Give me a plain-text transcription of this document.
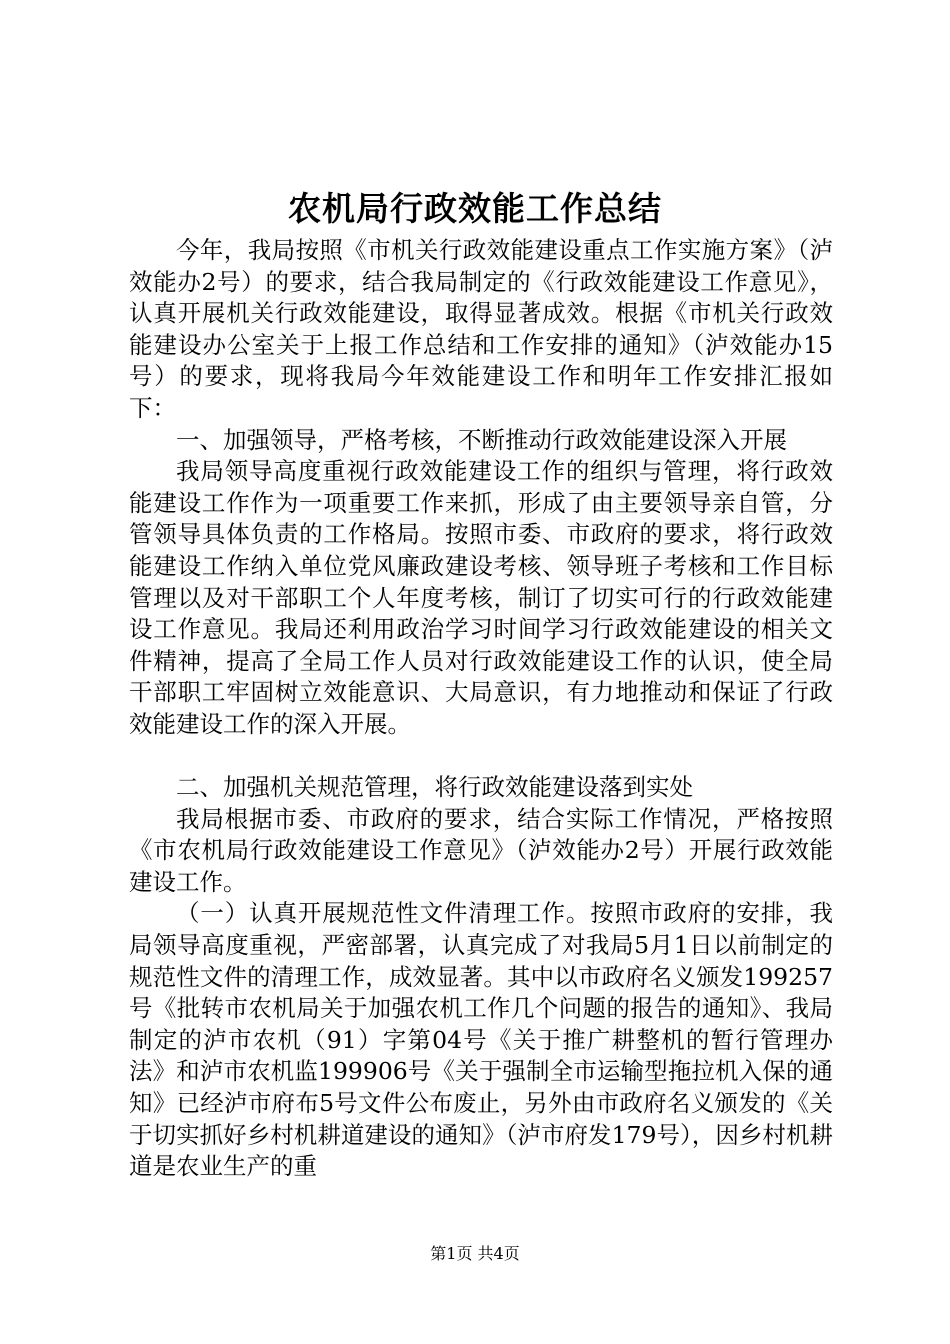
农机局行政效能工作总结

今年，我局按照《市机关行政效能建设重点工作实施方案》（泸效能办2号）的要求，结合我局制定的《行政效能建设工作意见》，认真开展机关行政效能建设，取得显著成效。根据《市机关行政效能建设办公室关于上报工作总结和工作安排的通知》（泸效能办15号）的要求，现将我局今年效能建设工作和明年工作安排汇报如下：

一、加强领导，严格考核，不断推动行政效能建设深入开展

我局领导高度重视行政效能建设工作的组织与管理，将行政效能建设工作作为一项重要工作来抓，形成了由主要领导亲自管，分管领导具体负责的工作格局。按照市委、市政府的要求，将行政效能建设工作纳入单位党风廉政建设考核、领导班子考核和工作目标管理以及对干部职工个人年度考核，制订了切实可行的行政效能建设工作意见。我局还利用政治学习时间学习行政效能建设的相关文件精神，提高了全局工作人员对行政效能建设工作的认识，使全局干部职工牢固树立效能意识、大局意识，有力地推动和保证了行政效能建设工作的深入开展。

二、加强机关规范管理，将行政效能建设落到实处

我局根据市委、市政府的要求，结合实际工作情况，严格按照《市农机局行政效能建设工作意见》（泸效能办2号）开展行政效能建设工作。

（一）认真开展规范性文件清理工作。按照市政府的安排，我局领导高度重视，严密部署，认真完成了对我局5月1日以前制定的规范性文件的清理工作，成效显著。其中以市政府名义颁发199257号《批转市农机局关于加强农机工作几个问题的报告的通知》、我局制定的泸市农机（91）字第04号《关于推广耕整机的暂行管理办法》和泸市农机监199906号《关于强制全市运输型拖拉机入保的通知》已经泸市府布5号文件公布废止，另外由市政府名义颁发的《关于切实抓好乡村机耕道建设的通知》（泸市府发179号），因乡村机耕道是农业生产的重

第1页 共4页
